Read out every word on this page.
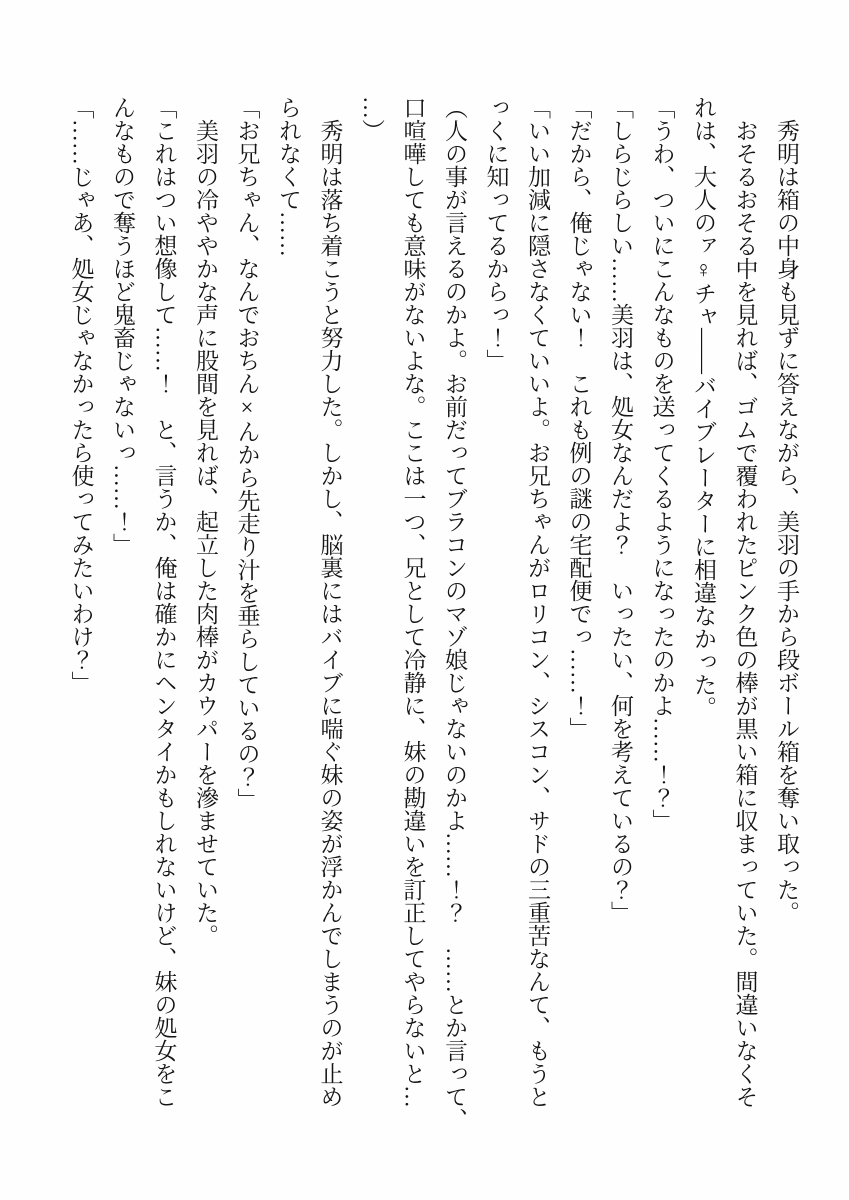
秀明は箱の中身も見ずに答えながら、美羽の手から段ボール箱を奪い取った。

おそるおそる中を見れば、ゴムで覆われたピンク色の棒が黒い箱に収まっていた。間違いなくそ

れは、大人のァ♀チャ――バイブレーターに相違なかった。

「うわ、ついにこんなものを送ってくるようになったのかよ……！？」

「しらじらしい……美羽は、処女なんだよ？　いったい、何を考えているの？」

「だから、俺じゃない！　これも例の謎の宅配便でっ……！」

「いい加減に隠さなくていいよ。お兄ちゃんがロリコン、シスコン、サドの三重苦なんて、もうと

っくに知ってるからっ！」

（人の事が言えるのかよ。お前だってブラコンのマゾ娘じゃないのかよ……！？　……とか言って、

口喧嘩しても意味がないよな。ここは一つ、兄として冷静に、妹の勘違いを訂正してやらないと…

…）

秀明は落ち着こうと努力した。しかし、脳裏にはバイブに喘ぐ妹の姿が浮かんでしまうのが止め

られなくて……

「お兄ちゃん、なんでおちん×んから先走り汁を垂らしているの？」

美羽の冷ややかな声に股間を見れば、起立した肉棒がカウパーを滲ませていた。

「これはつい想像して……！　と、言うか、俺は確かにヘンタイかもしれないけど、妹の処女をこ

んなもので奪うほど鬼畜じゃないっ……！」

「……じゃあ、処女じゃなかったら使ってみたいわけ？」
